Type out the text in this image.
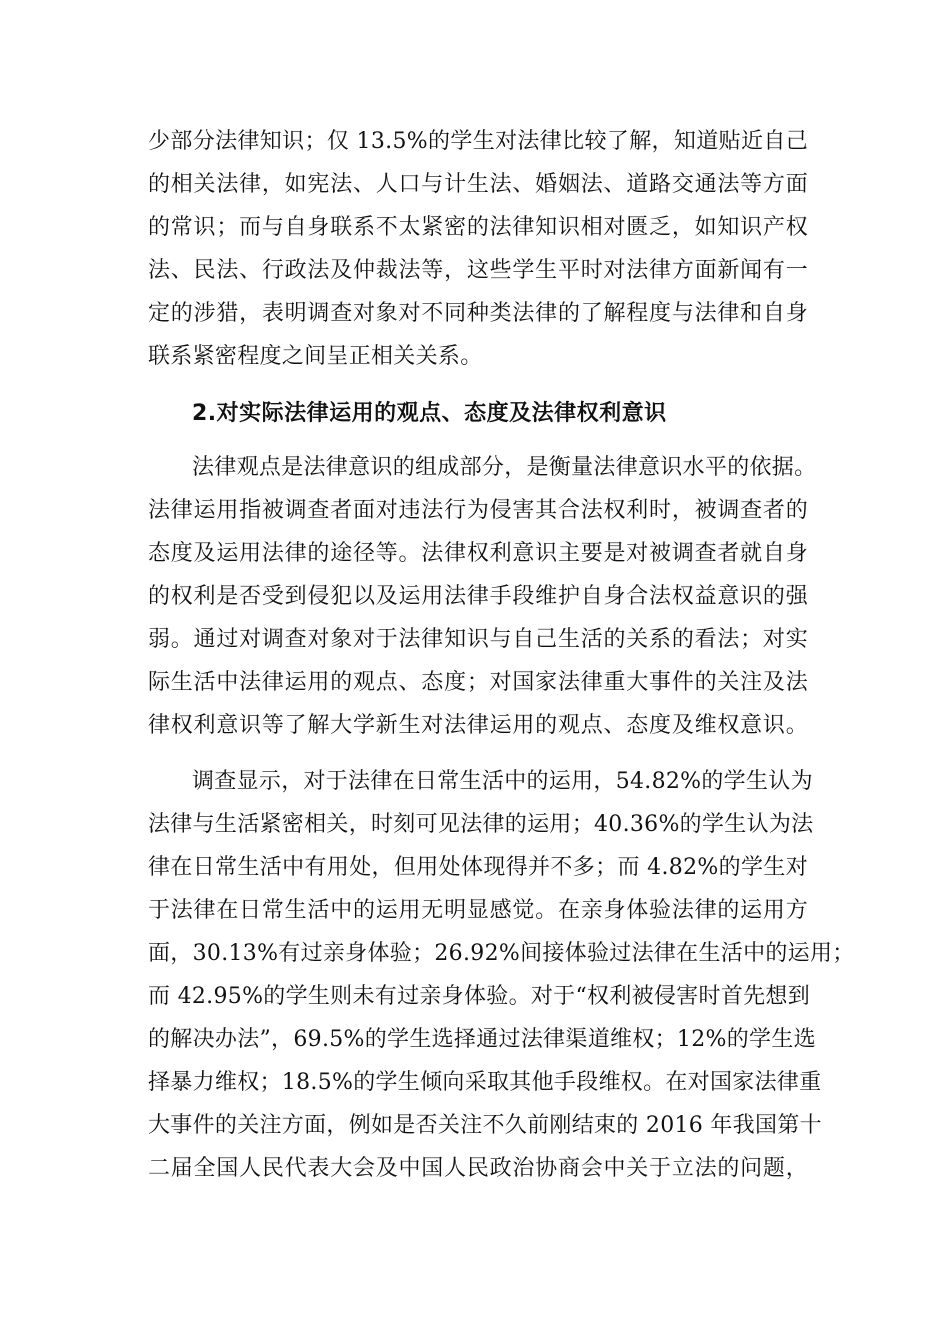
少部分法律知识；仅 13.5%的学生对法律比较了解，知道贴近自己
的相关法律，如宪法、人口与计生法、婚姻法、道路交通法等方面
的常识；而与自身联系不太紧密的法律知识相对匮乏，如知识产权
法、民法、行政法及仲裁法等，这些学生平时对法律方面新闻有一
定的涉猎，表明调查对象对不同种类法律的了解程度与法律和自身
联系紧密程度之间呈正相关关系。
2.对实际法律运用的观点、态度及法律权利意识
法律观点是法律意识的组成部分，是衡量法律意识水平的依据。
法律运用指被调查者面对违法行为侵害其合法权利时，被调查者的
态度及运用法律的途径等。法律权利意识主要是对被调查者就自身
的权利是否受到侵犯以及运用法律手段维护自身合法权益意识的强
弱。通过对调查对象对于法律知识与自己生活的关系的看法；对实
际生活中法律运用的观点、态度；对国家法律重大事件的关注及法
律权利意识等了解大学新生对法律运用的观点、态度及维权意识。
调查显示，对于法律在日常生活中的运用，54.82%的学生认为
法律与生活紧密相关，时刻可见法律的运用；40.36%的学生认为法
律在日常生活中有用处，但用处体现得并不多；而 4.82%的学生对
于法律在日常生活中的运用无明显感觉。在亲身体验法律的运用方
面，30.13%有过亲身体验；26.92%间接体验过法律在生活中的运用；
而 42.95%的学生则未有过亲身体验。对于“权利被侵害时首先想到
的解决办法”，69.5%的学生选择通过法律渠道维权；12%的学生选
择暴力维权；18.5%的学生倾向采取其他手段维权。在对国家法律重
大事件的关注方面，例如是否关注不久前刚结束的 2016 年我国第十
二届全国人民代表大会及中国人民政治协商会中关于立法的问题，
